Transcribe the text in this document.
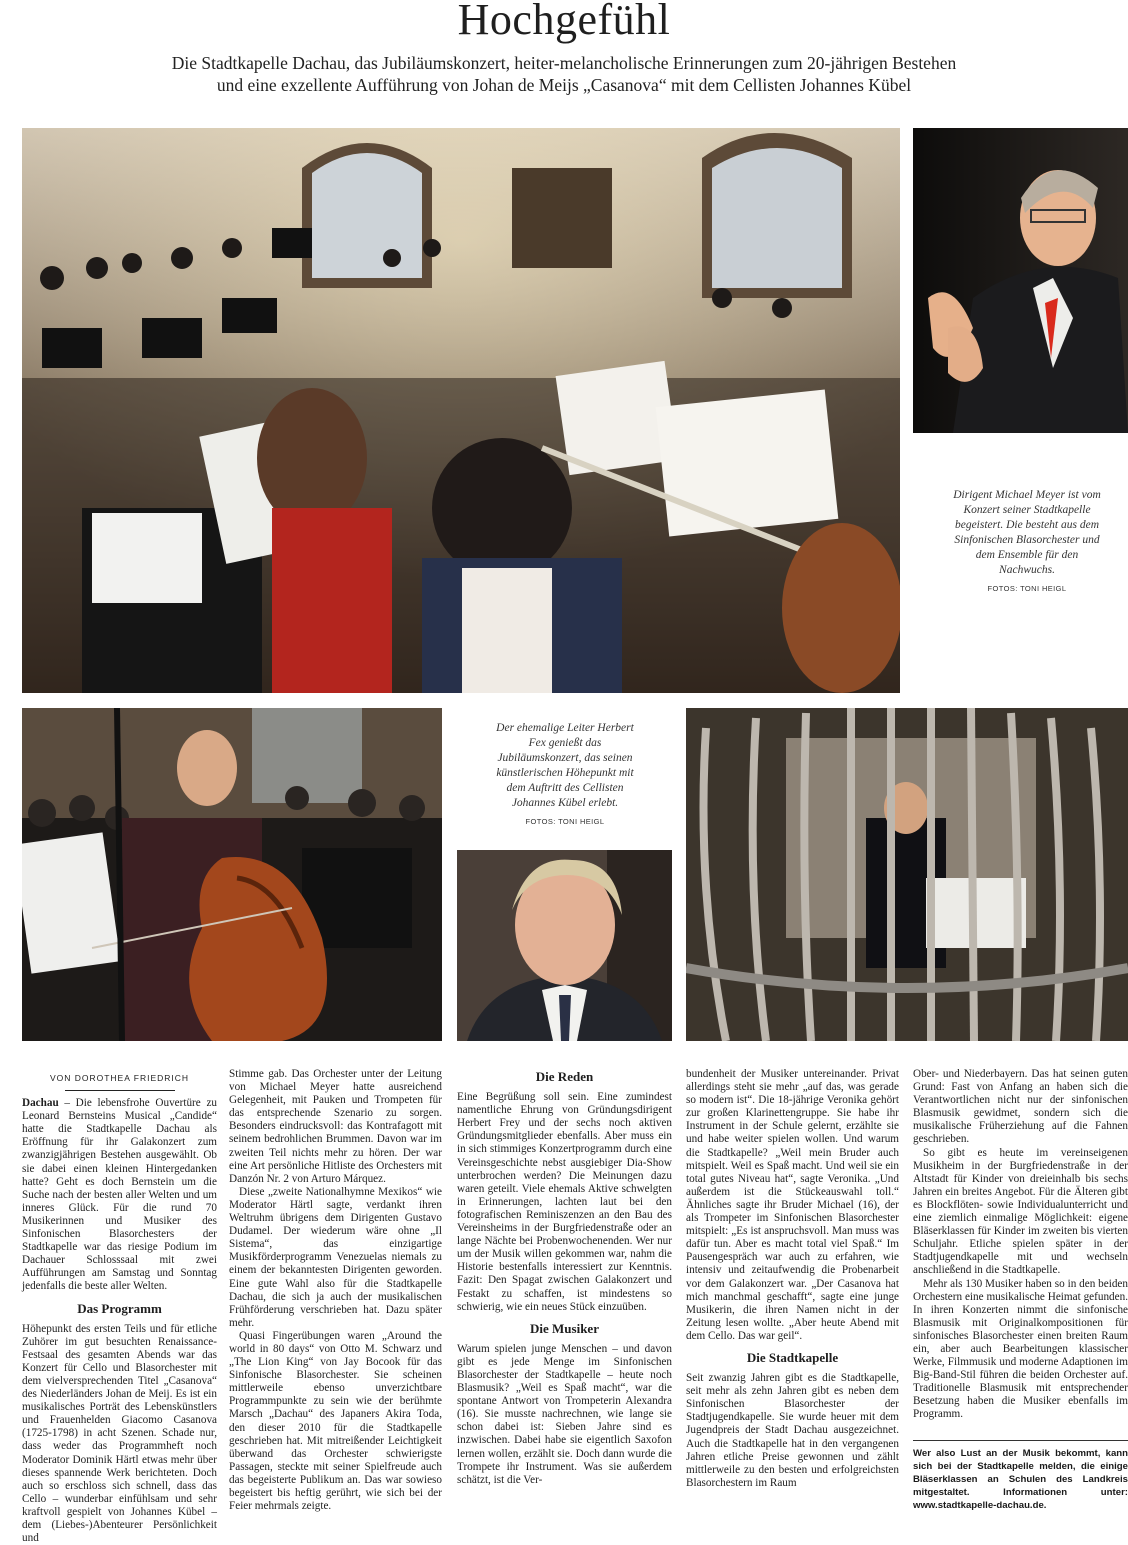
Hochgefühl
Die Stadtkapelle Dachau, das Jubiläumskonzert, heiter-melancholische Erinnerungen zum 20-jährigen Bestehen
und eine exzellente Aufführung von Johan de Meijs „Casanova“ mit dem Cellisten Johannes Kübel
Dirigent Michael Meyer ist vom Konzert seiner Stadtkapelle begeistert. Die besteht aus dem Sinfonischen Blasorchester und dem Ensemble für den Nachwuchs.
FOTOS: TONI HEIGL
Der ehemalige Leiter Herbert Fex genießt das Jubiläumskonzert, das seinen künstlerischen Höhepunkt mit dem Auftritt des Cellisten Johannes Kübel erlebt.
FOTOS: TONI HEIGL
VON DOROTHEA FRIEDRICH

Dachau – Die lebensfrohe Ouvertüre zu Leonard Bernsteins Musical „Candide“ hatte die Stadtkapelle Dachau als Eröffnung für ihr Galakonzert zum zwanzigjährigen Bestehen ausgewählt. Ob sie dabei einen kleinen Hintergedanken hatte? Geht es doch Bernstein um die Suche nach der besten aller Welten und um inneres Glück. Für die rund 70 Musikerinnen und Musiker des Sinfonischen Blasorchesters der Stadtkapelle war das riesige Podium im Dachauer Schlosssaal mit zwei Aufführungen am Samstag und Sonntag jedenfalls die beste aller Welten.

Das Programm

Höhepunkt des ersten Teils und für etliche Zuhörer im gut besuchten Renaissance-Festsaal des gesamten Abends war das Konzert für Cello und Blasorchester mit dem vielversprechenden Titel „Casanova“ des Niederländers Johan de Meij. Es ist ein musikalisches Porträt des Lebenskünstlers und Frauenhelden Giacomo Casanova (1725-1798) in acht Szenen. Schade nur, dass weder das Programmheft noch Moderator Dominik Härtl etwas mehr über dieses spannende Werk berichteten. Doch auch so erschloss sich schnell, dass das Cello – wunderbar einfühlsam und sehr kraftvoll gespielt von Johannes Kübel – dem (Liebes-)Abenteurer Persönlichkeit und

Stimme gab. Das Orchester unter der Leitung von Michael Meyer hatte ausreichend Gelegenheit, mit Pauken und Trompeten für das entsprechende Szenario zu sorgen. Besonders eindrucksvoll: das Kontrafagott mit seinem bedrohlichen Brummen. Davon war im zweiten Teil nichts mehr zu hören. Der war eine Art persönliche Hitliste des Orchesters mit Danzón Nr. 2 von Arturo Márquez.

Diese „zweite Nationalhymne Mexikos“ wie Moderator Härtl sagte, verdankt ihren Weltruhm übrigens dem Dirigenten Gustavo Dudamel. Der wiederum wäre ohne „Il Sistema“, das einzigartige Musikförderprogramm Venezuelas niemals zu einem der bekanntesten Dirigenten geworden. Eine gute Wahl also für die Stadtkapelle Dachau, die sich ja auch der musikalischen Frühförderung verschrieben hat. Dazu später mehr.

Quasi Fingerübungen waren „Around the world in 80 days“ von Otto M. Schwarz und „The Lion King“ von Jay Bocook für das Sinfonische Blasorchester. Sie scheinen mittlerweile ebenso unverzichtbare Programmpunkte zu sein wie der berühmte Marsch „Dachau“ des Japaners Akira Toda, den dieser 2010 für die Stadtkapelle geschrieben hat. Mit mitreißender Leichtigkeit überwand das Orchester schwierigste Passagen, steckte mit seiner Spielfreude auch das begeisterte Publikum an. Das war sowieso begeistert bis heftig gerührt, wie sich bei der Feier mehrmals zeigte.

Die Reden

Eine Begrüßung soll sein. Eine zumindest namentliche Ehrung von Gründungsdirigent Herbert Frey und der sechs noch aktiven Gründungsmitglieder ebenfalls. Aber muss ein in sich stimmiges Konzertprogramm durch eine Vereinsgeschichte nebst ausgiebiger Dia-Show unterbrochen werden? Die Meinungen dazu waren geteilt. Viele ehemals Aktive schwelgten in Erinnerungen, lachten laut bei den fotografischen Reminiszenzen an den Bau des Vereinsheims in der Burgfriedenstraße oder an lange Nächte bei Probenwochenenden. Wer nur um der Musik willen gekommen war, nahm die Historie bestenfalls interessiert zur Kenntnis. Fazit: Den Spagat zwischen Galakonzert und Festakt zu schaffen, ist mindestens so schwierig, wie ein neues Stück einzuüben.

Die Musiker

Warum spielen junge Menschen – und davon gibt es jede Menge im Sinfonischen Blasorchester der Stadtkapelle – heute noch Blasmusik? „Weil es Spaß macht“, war die spontane Antwort von Trompeterin Alexandra (16). Sie musste nachrechnen, wie lange sie schon dabei ist: Sieben Jahre sind es inzwischen. Dabei habe sie eigentlich Saxofon lernen wollen, erzählt sie. Doch dann wurde die Trompete ihr Instrument. Was sie außerdem schätzt, ist die Ver-

bundenheit der Musiker untereinander. Privat allerdings steht sie mehr „auf das, was gerade so modern ist“. Die 18-jährige Veronika gehört zur großen Klarinettengruppe. Sie habe ihr Instrument in der Schule gelernt, erzählte sie und habe weiter spielen wollen. Und warum die Stadtkapelle? „Weil mein Bruder auch mitspielt. Weil es Spaß macht. Und weil sie ein total gutes Niveau hat“, sagte Veronika. „Und außerdem ist die Stückeauswahl toll.“ Ähnliches sagte ihr Bruder Michael (16), der als Trompeter im Sinfonischen Blasorchester mitspielt: „Es ist anspruchsvoll. Man muss was dafür tun. Aber es macht total viel Spaß.“ Im Pausengespräch war auch zu erfahren, wie intensiv und zeitaufwendig die Probenarbeit vor dem Galakonzert war. „Der Casanova hat mich manchmal geschafft“, sagte eine junge Musikerin, die ihren Namen nicht in der Zeitung lesen wollte. „Aber heute Abend mit dem Cello. Das war geil“.

Die Stadtkapelle

Seit zwanzig Jahren gibt es die Stadtkapelle, seit mehr als zehn Jahren gibt es neben dem Sinfonischen Blasorchester der Stadtjugendkapelle. Sie wurde heuer mit dem Jugendpreis der Stadt Dachau ausgezeichnet. Auch die Stadtkapelle hat in den vergangenen Jahren etliche Preise gewonnen und zählt mittlerweile zu den besten und erfolgreichsten Blasorchestern im Raum

Ober- und Niederbayern. Das hat seinen guten Grund: Fast von Anfang an haben sich die Verantwortlichen nicht nur der sinfonischen Blasmusik gewidmet, sondern sich die musikalische Früherziehung auf die Fahnen geschrieben.

So gibt es heute im vereinseigenen Musikheim in der Burgfriedenstraße in der Altstadt für Kinder von dreieinhalb bis sechs Jahren ein breites Angebot. Für die Älteren gibt es Blockflöten- sowie Individualunterricht und eine ziemlich einmalige Möglichkeit: eigene Bläserklassen für Kinder im zweiten bis vierten Schuljahr. Etliche spielen später in der Stadtjugendkapelle mit und wechseln anschließend in die Stadtkapelle.

Mehr als 130 Musiker haben so in den beiden Orchestern eine musikalische Heimat gefunden. In ihren Konzerten nimmt die sinfonische Blasmusik mit Originalkompositionen für sinfonisches Blasorchester einen breiten Raum ein, aber auch Bearbeitungen klassischer Werke, Filmmusik und moderne Adaptionen im Big-Band-Stil führen die beiden Orchester auf. Traditionelle Blasmusik mit entsprechender Besetzung haben die Musiker ebenfalls im Programm.

Wer also Lust an der Musik bekommt, kann sich bei der Stadtkapelle melden, die einige Bläserklassen an Schulen des Landkreis mitgestaltet. Informationen unter: www.stadtkapelle-dachau.de.
